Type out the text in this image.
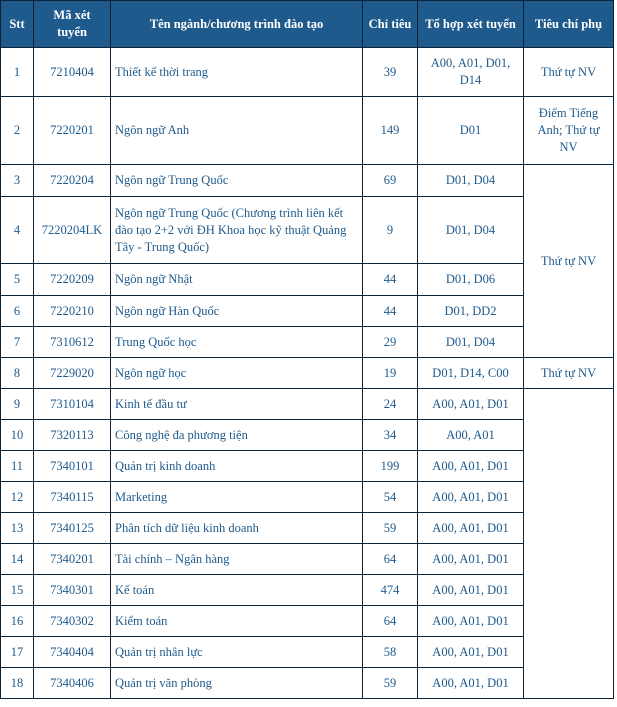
Stt	Mã xét tuyển	Tên ngành/chương trình đào tạo	Chỉ tiêu	Tổ hợp xét tuyển	Tiêu chí phụ
1	7210404	Thiết kế thời trang	39	A00, A01, D01, D14	Thứ tự NV
2	7220201	Ngôn ngữ Anh	149	D01	Điểm Tiếng Anh; Thứ tự NV
3	7220204	Ngôn ngữ Trung Quốc	69	D01, D04	Thứ tự NV
4	7220204LK	Ngôn ngữ Trung Quốc (Chương trình liên kết đào tạo 2+2 với ĐH Khoa học kỹ thuật Quảng Tây - Trung Quốc)	9	D01, D04	
5	7220209	Ngôn ngữ Nhật	44	D01, D06	
6	7220210	Ngôn ngữ Hàn Quốc	44	D01, DD2	
7	7310612	Trung Quốc học	29	D01, D04	
8	7229020	Ngôn ngữ học	19	D01, D14, C00	Thứ tự NV
9	7310104	Kinh tế đầu tư	24	A00, A01, D01	
10	7320113	Công nghệ đa phương tiện	34	A00, A01	
11	7340101	Quản trị kinh doanh	199	A00, A01, D01	
12	7340115	Marketing	54	A00, A01, D01	
13	7340125	Phân tích dữ liệu kinh doanh	59	A00, A01, D01	
14	7340201	Tài chính – Ngân hàng	64	A00, A01, D01	
15	7340301	Kế toán	474	A00, A01, D01	
16	7340302	Kiểm toán	64	A00, A01, D01	
17	7340404	Quản trị nhân lực	58	A00, A01, D01	
18	7340406	Quản trị văn phòng	59	A00, A01, D01	
